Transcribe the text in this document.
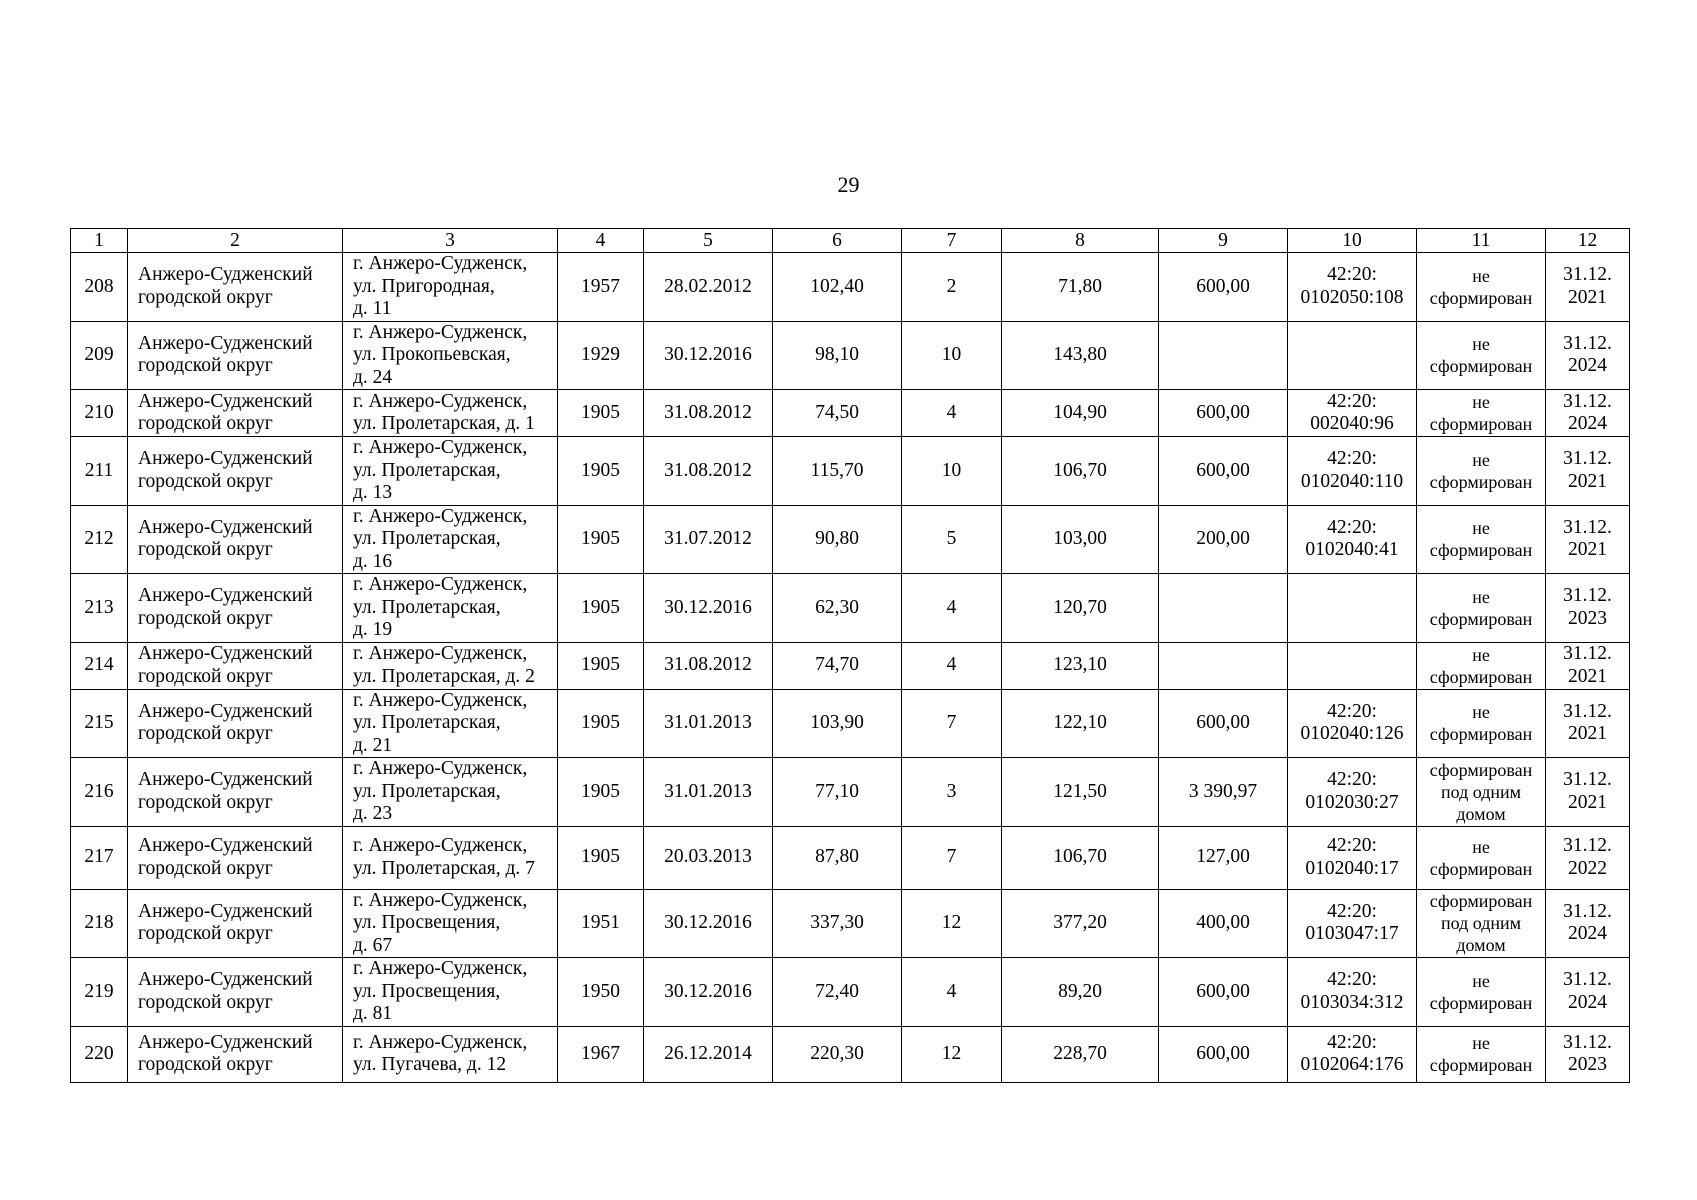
29
1	2	3	4	5	6	7	8	9	10	11	12
208	Анжеро-Судженский
городской округ	г. Анжеро-Судженск,
ул. Пригородная,
д. 11	1957	28.02.2012	102,40	2	71,80	600,00	42:20:
0102050:108	не
сформирован	31.12.
2021

209	Анжеро-Судженский
городской округ	г. Анжеро-Судженск,
ул. Прокопьевская,
д. 24	1929	30.12.2016	98,10	10	143,80			не
сформирован	31.12.
2024

210	Анжеро-Судженский
городской округ	г. Анжеро-Судженск,
ул. Пролетарская, д. 1	1905	31.08.2012	74,50	4	104,90	600,00	42:20:
002040:96	не
сформирован	31.12.
2024

211	Анжеро-Судженский
городской округ	г. Анжеро-Судженск,
ул. Пролетарская,
д. 13	1905	31.08.2012	115,70	10	106,70	600,00	42:20:
0102040:110	не
сформирован	31.12.
2021

212	Анжеро-Судженский
городской округ	г. Анжеро-Судженск,
ул. Пролетарская,
д. 16	1905	31.07.2012	90,80	5	103,00	200,00	42:20:
0102040:41	не
сформирован	31.12.
2021

213	Анжеро-Судженский
городской округ	г. Анжеро-Судженск,
ул. Пролетарская,
д. 19	1905	30.12.2016	62,30	4	120,70			не
сформирован	31.12.
2023

214	Анжеро-Судженский
городской округ	г. Анжеро-Судженск,
ул. Пролетарская, д. 2	1905	31.08.2012	74,70	4	123,10			не
сформирован	31.12.
2021

215	Анжеро-Судженский
городской округ	г. Анжеро-Судженск,
ул. Пролетарская,
д. 21	1905	31.01.2013	103,90	7	122,10	600,00	42:20:
0102040:126	не
сформирован	31.12.
2021

216	Анжеро-Судженский
городской округ	г. Анжеро-Судженск,
ул. Пролетарская,
д. 23	1905	31.01.2013	77,10	3	121,50	3 390,97	42:20:
0102030:27	сформирован
под одним
домом	31.12.
2021

217	Анжеро-Судженский
городской округ	г. Анжеро-Судженск,
ул. Пролетарская, д. 7	1905	20.03.2013	87,80	7	106,70	127,00	42:20:
0102040:17	не
сформирован	31.12.
2022

218	Анжеро-Судженский
городской округ	г. Анжеро-Судженск,
ул. Просвещения,
д. 67	1951	30.12.2016	337,30	12	377,20	400,00	42:20:
0103047:17	сформирован
под одним
домом	31.12.
2024

219	Анжеро-Судженский
городской округ	г. Анжеро-Судженск,
ул. Просвещения,
д. 81	1950	30.12.2016	72,40	4	89,20	600,00	42:20:
0103034:312	не
сформирован	31.12.
2024

220	Анжеро-Судженский
городской округ	г. Анжеро-Судженск,
ул. Пугачева, д. 12	1967	26.12.2014	220,30	12	228,70	600,00	42:20:
0102064:176	не
сформирован	31.12.
2023
